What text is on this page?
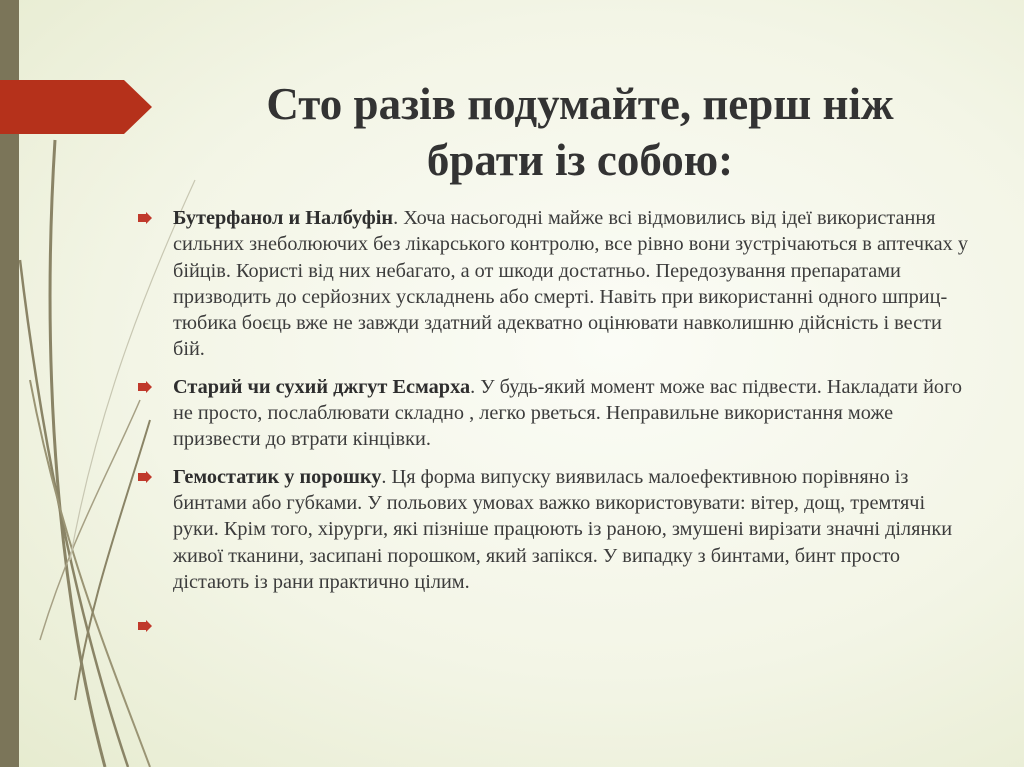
Сто разів подумайте, перш ніж брати із собою:
Бутерфанол и Налбуфін. Хоча насьогодні майже всі відмовились від ідеї використання сильних знеболюючих без лікарського контролю, все рівно вони зустрічаються в аптечках у бійців. Користі від них небагато, а от шкоди достатньо. Передозування препаратами призводить до серйозних ускладнень або смерті. Навіть при використанні одного шприц-тюбика боєць вже не завжди здатний адекватно оцінювати навколишню дійсність і вести бій.
Старий чи сухий джгут Есмарха. У будь-який момент може вас підвести. Накладати його не просто, послаблювати складно , легко рветься. Неправильне використання може призвести до втрати кінцівки.
Гемостатик у порошку. Ця форма випуску виявилась малоефективною порівняно із бинтами або губками. У польових умовах важко використовувати: вітер, дощ, тремтячі руки. Крім того, хірурги, які пізніше працюють із раною, змушені вирізати значні ділянки живої тканини, засипані порошком, який запікся. У випадку з бинтами, бинт просто дістають із рани практично цілим.
